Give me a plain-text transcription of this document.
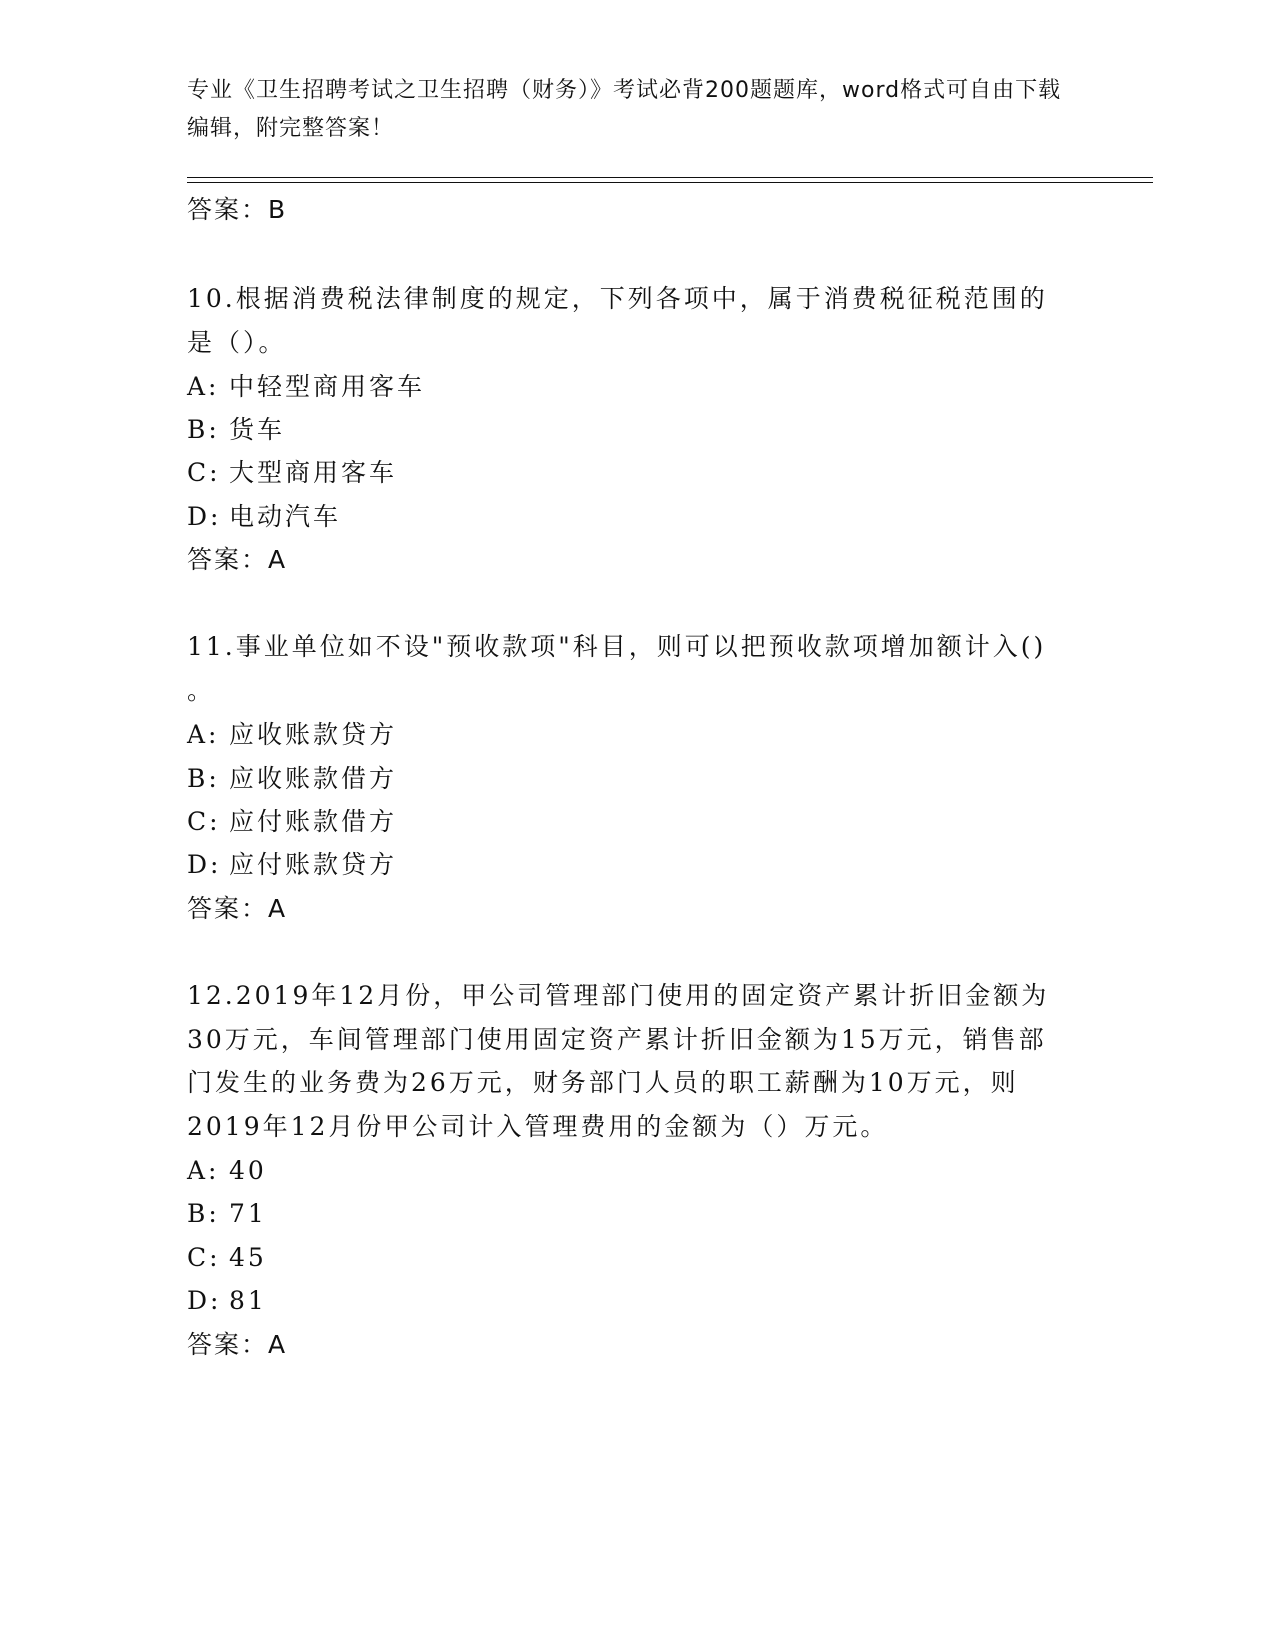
专业《卫生招聘考试之卫生招聘（财务）》考试必背200题题库，word格式可自由下载编辑，附完整答案！
答案：B
10.根据消费税法律制度的规定，下列各项中，属于消费税征税范围的
是（）。
A: 中轻型商用客车
B: 货车
C: 大型商用客车
D: 电动汽车
答案：A
11.事业单位如不设"预收款项"科目，则可以把预收款项增加额计入()
。
A: 应收账款贷方
B: 应收账款借方
C: 应付账款借方
D: 应付账款贷方
答案：A
12.2019年12月份，甲公司管理部门使用的固定资产累计折旧金额为
30万元，车间管理部门使用固定资产累计折旧金额为15万元，销售部
门发生的业务费为26万元，财务部门人员的职工薪酬为10万元，则
2019年12月份甲公司计入管理费用的金额为（）万元。
A: 40
B: 71
C: 45
D: 81
答案：A
